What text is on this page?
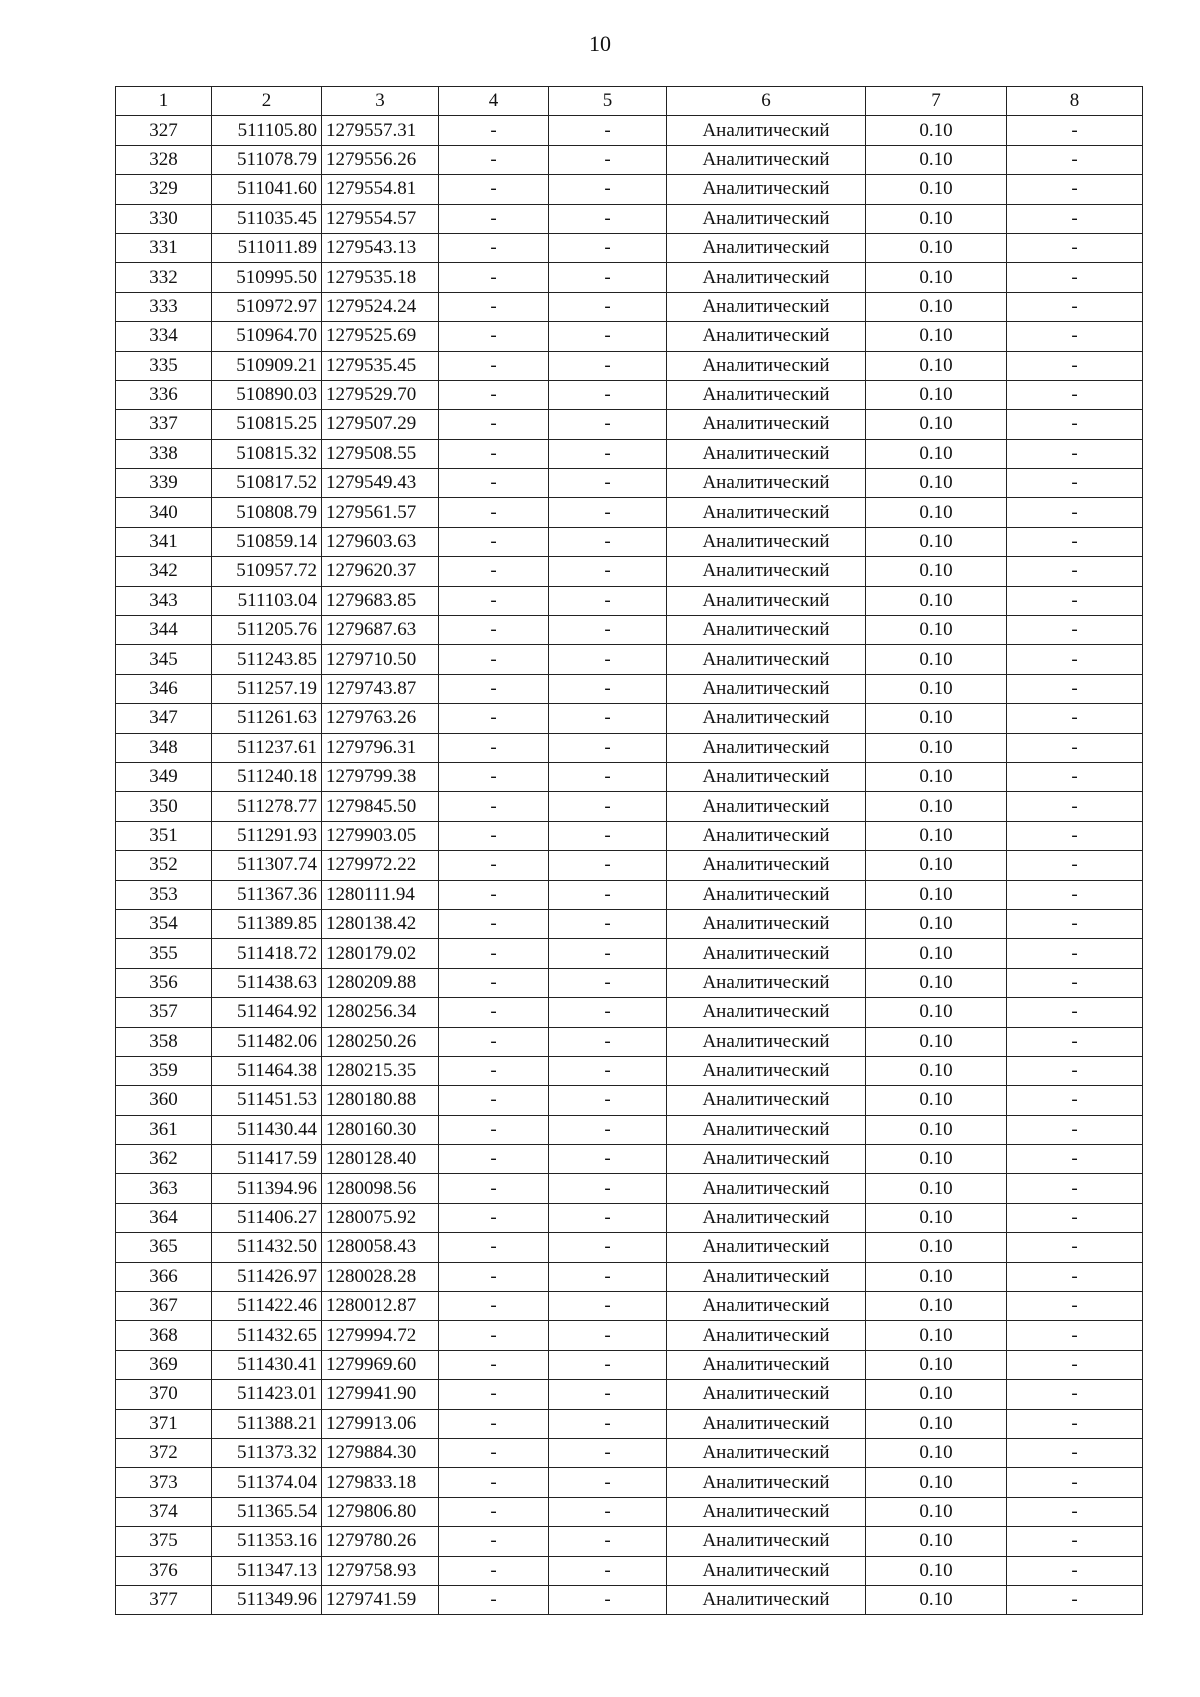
10
1	2	3	4	5	6	7	8
327	511105.80	1279557.31	-	-	Аналитический	0.10	-
328	511078.79	1279556.26	-	-	Аналитический	0.10	-
329	511041.60	1279554.81	-	-	Аналитический	0.10	-
330	511035.45	1279554.57	-	-	Аналитический	0.10	-
331	511011.89	1279543.13	-	-	Аналитический	0.10	-
332	510995.50	1279535.18	-	-	Аналитический	0.10	-
333	510972.97	1279524.24	-	-	Аналитический	0.10	-
334	510964.70	1279525.69	-	-	Аналитический	0.10	-
335	510909.21	1279535.45	-	-	Аналитический	0.10	-
336	510890.03	1279529.70	-	-	Аналитический	0.10	-
337	510815.25	1279507.29	-	-	Аналитический	0.10	-
338	510815.32	1279508.55	-	-	Аналитический	0.10	-
339	510817.52	1279549.43	-	-	Аналитический	0.10	-
340	510808.79	1279561.57	-	-	Аналитический	0.10	-
341	510859.14	1279603.63	-	-	Аналитический	0.10	-
342	510957.72	1279620.37	-	-	Аналитический	0.10	-
343	511103.04	1279683.85	-	-	Аналитический	0.10	-
344	511205.76	1279687.63	-	-	Аналитический	0.10	-
345	511243.85	1279710.50	-	-	Аналитический	0.10	-
346	511257.19	1279743.87	-	-	Аналитический	0.10	-
347	511261.63	1279763.26	-	-	Аналитический	0.10	-
348	511237.61	1279796.31	-	-	Аналитический	0.10	-
349	511240.18	1279799.38	-	-	Аналитический	0.10	-
350	511278.77	1279845.50	-	-	Аналитический	0.10	-
351	511291.93	1279903.05	-	-	Аналитический	0.10	-
352	511307.74	1279972.22	-	-	Аналитический	0.10	-
353	511367.36	1280111.94	-	-	Аналитический	0.10	-
354	511389.85	1280138.42	-	-	Аналитический	0.10	-
355	511418.72	1280179.02	-	-	Аналитический	0.10	-
356	511438.63	1280209.88	-	-	Аналитический	0.10	-
357	511464.92	1280256.34	-	-	Аналитический	0.10	-
358	511482.06	1280250.26	-	-	Аналитический	0.10	-
359	511464.38	1280215.35	-	-	Аналитический	0.10	-
360	511451.53	1280180.88	-	-	Аналитический	0.10	-
361	511430.44	1280160.30	-	-	Аналитический	0.10	-
362	511417.59	1280128.40	-	-	Аналитический	0.10	-
363	511394.96	1280098.56	-	-	Аналитический	0.10	-
364	511406.27	1280075.92	-	-	Аналитический	0.10	-
365	511432.50	1280058.43	-	-	Аналитический	0.10	-
366	511426.97	1280028.28	-	-	Аналитический	0.10	-
367	511422.46	1280012.87	-	-	Аналитический	0.10	-
368	511432.65	1279994.72	-	-	Аналитический	0.10	-
369	511430.41	1279969.60	-	-	Аналитический	0.10	-
370	511423.01	1279941.90	-	-	Аналитический	0.10	-
371	511388.21	1279913.06	-	-	Аналитический	0.10	-
372	511373.32	1279884.30	-	-	Аналитический	0.10	-
373	511374.04	1279833.18	-	-	Аналитический	0.10	-
374	511365.54	1279806.80	-	-	Аналитический	0.10	-
375	511353.16	1279780.26	-	-	Аналитический	0.10	-
376	511347.13	1279758.93	-	-	Аналитический	0.10	-
377	511349.96	1279741.59	-	-	Аналитический	0.10	-
